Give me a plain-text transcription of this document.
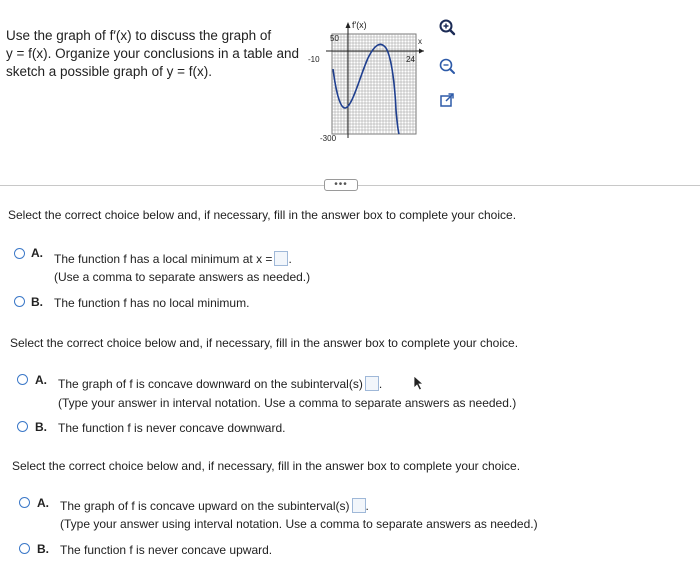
Use the graph of f′(x) to discuss the graph of
y = f(x). Organize your conclusions in a table and
sketch a possible graph of y = f(x).
f′(x)
x
50
-10	24
-300
•••
Select the correct choice below and, if necessary, fill in the answer box to complete your choice.
A. The function f has a local minimum at x = .
(Use a comma to separate answers as needed.)
B. The function f has no local minimum.
Select the correct choice below and, if necessary, fill in the answer box to complete your choice.
A. The graph of f is concave downward on the subinterval(s) .
(Type your answer in interval notation. Use a comma to separate answers as needed.)
B. The function f is never concave downward.
Select the correct choice below and, if necessary, fill in the answer box to complete your choice.
A. The graph of f is concave upward on the subinterval(s) .
(Type your answer using interval notation. Use a comma to separate answers as needed.)
B. The function f is never concave upward.
